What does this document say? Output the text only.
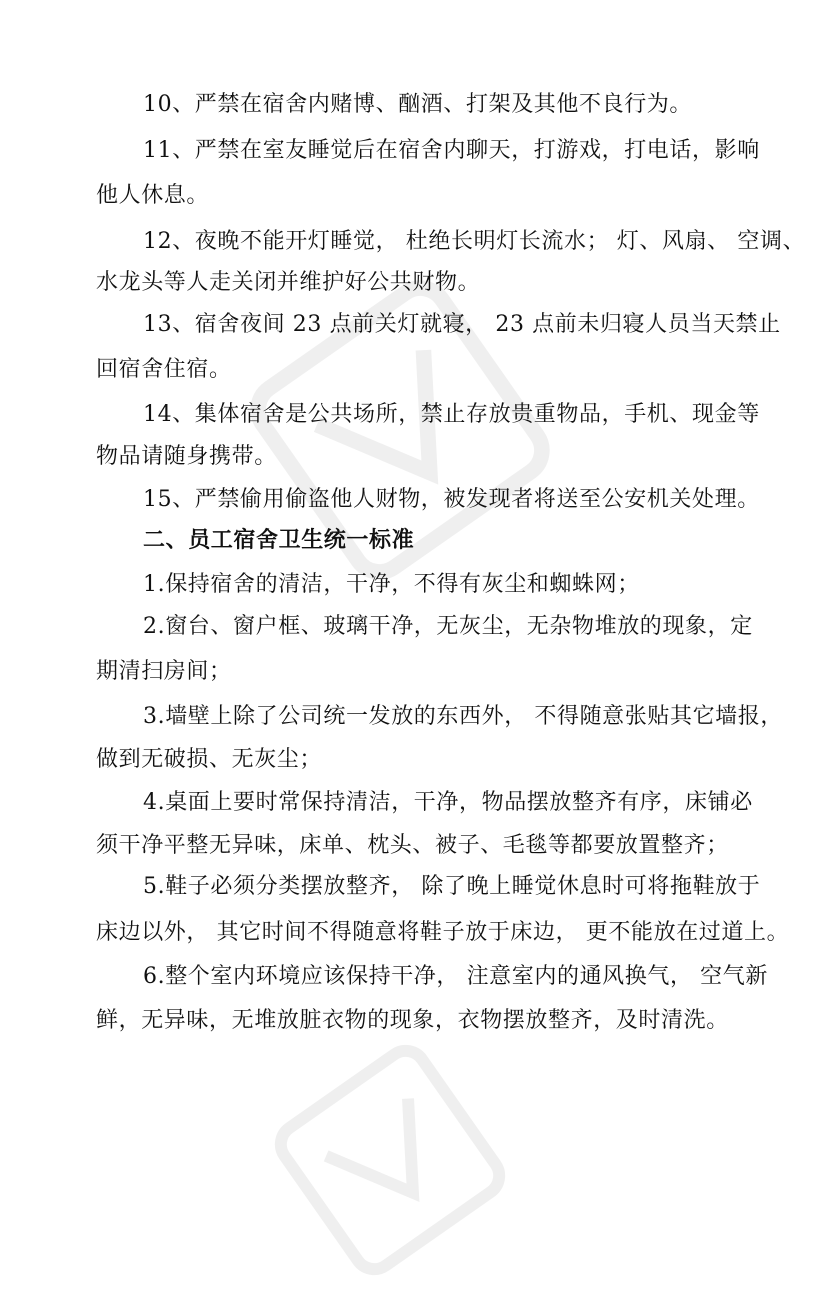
10、严禁在宿舍内赌博、酗酒、打架及其他不良行为。
11、严禁在室友睡觉后在宿舍内聊天，打游戏，打电话，影响
他人休息。
12、夜晚不能开灯睡觉， 杜绝长明灯长流水； 灯、风扇、 空调、
水龙头等人走关闭并维护好公共财物。
13、宿舍夜间 23 点前关灯就寝， 23 点前未归寝人员当天禁止
回宿舍住宿。
14、集体宿舍是公共场所，禁止存放贵重物品，手机、现金等
物品请随身携带。
15、严禁偷用偷盗他人财物，被发现者将送至公安机关处理。
二、员工宿舍卫生统一标准
1.保持宿舍的清洁，干净，不得有灰尘和蜘蛛网；
2.窗台、窗户框、玻璃干净，无灰尘，无杂物堆放的现象，定
期清扫房间；
3.墙壁上除了公司统一发放的东西外， 不得随意张贴其它墙报，
做到无破损、无灰尘；
4.桌面上要时常保持清洁，干净，物品摆放整齐有序，床铺必
须干净平整无异味，床单、枕头、被子、毛毯等都要放置整齐；
5.鞋子必须分类摆放整齐， 除了晚上睡觉休息时可将拖鞋放于
床边以外， 其它时间不得随意将鞋子放于床边， 更不能放在过道上。
6.整个室内环境应该保持干净， 注意室内的通风换气， 空气新
鲜，无异味，无堆放脏衣物的现象，衣物摆放整齐，及时清洗。
